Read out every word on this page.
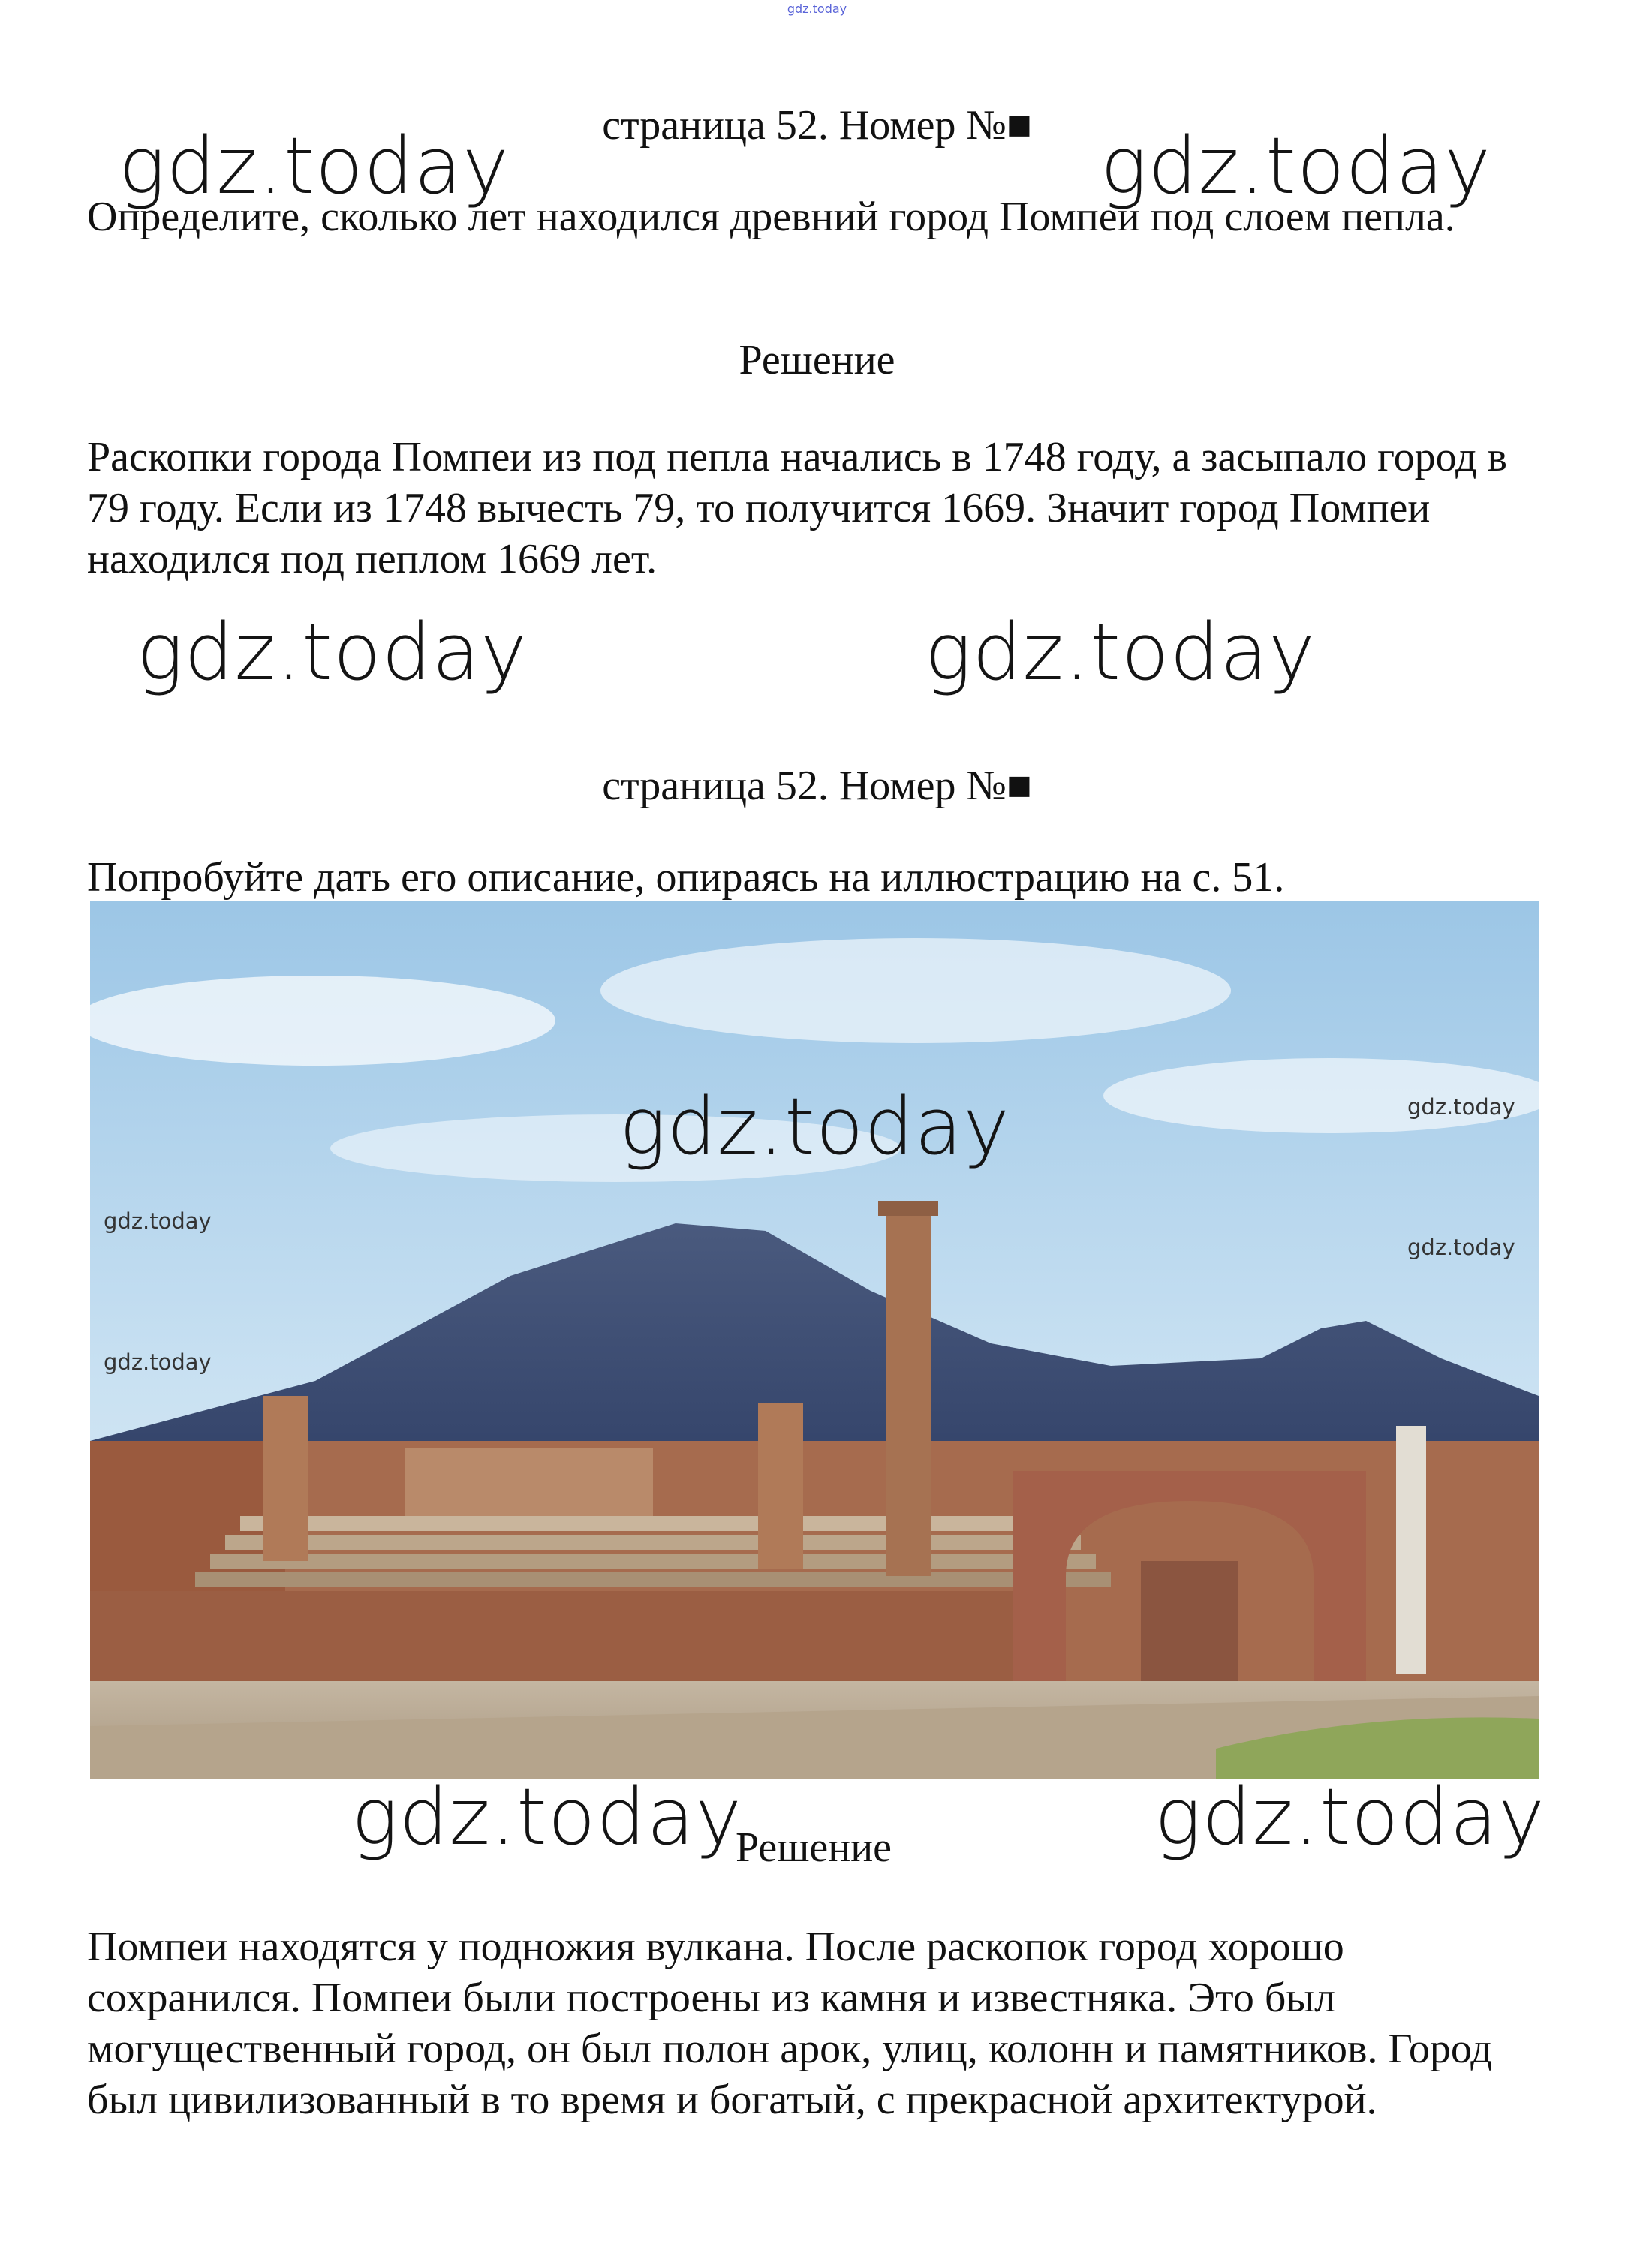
gdz.today
страница 52. Номер №■
gdz.today	gdz.today

Определите, сколько лет находился древний город Помпеи под слоем пепла.

Решение

Раскопки города Помпеи из под пепла начались в 1748 году, а засыпало город в 79 году. Если из 1748 вычесть 79, то получится 1669. Значит город Помпеи находился под пеплом 1669 лет.

gdz.today	gdz.today
страница 52. Номер №■

Попробуйте дать его описание, опираясь на иллюстрацию на с. 51.

gdz.today	gdz.today
gdz.today
gdz.today
gdz.today
gdz.today
Решение	gdz.today

Помпеи находятся у подножия вулкана. После раскопок город хорошо сохранился. Помпеи были построены из камня и известняка. Это был могущественный город, он был полон арок, улиц, колонн и памятников. Город был цивилизованный в то время и богатый, с прекрасной архитектурой.
